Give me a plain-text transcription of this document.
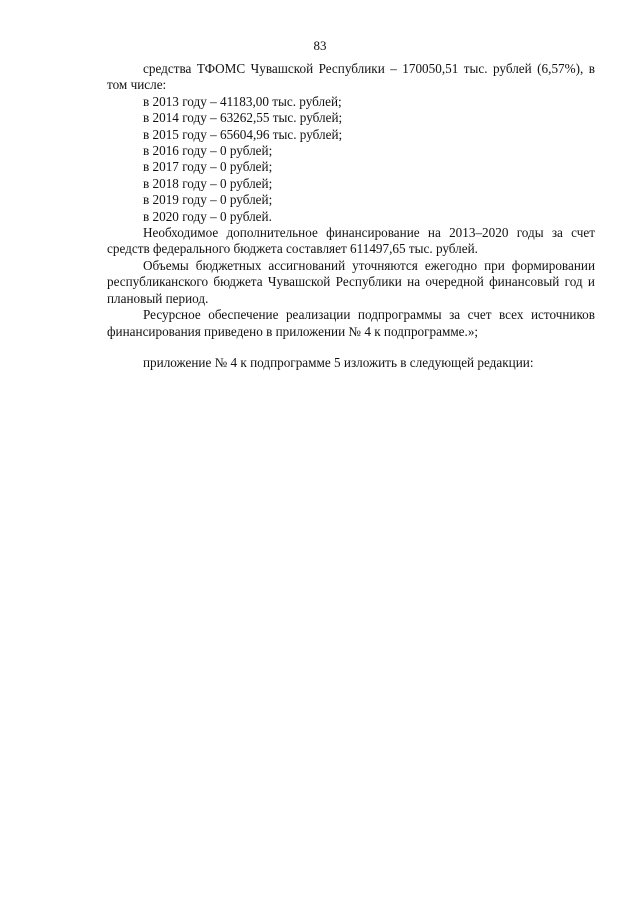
83

средства ТФОМС Чувашской Республики – 170050,51 тыс. рублей (6,57%), в том числе:

в 2013 году – 41183,00 тыс. рублей;

в 2014 году – 63262,55 тыс. рублей;

в 2015 году – 65604,96 тыс. рублей;

в 2016 году – 0 рублей;

в 2017 году – 0 рублей;

в 2018 году – 0 рублей;

в 2019 году – 0 рублей;

в 2020 году – 0 рублей.

Необходимое дополнительное финансирование на 2013–2020 годы за счет средств федерального бюджета составляет 611497,65 тыс. рублей.

Объемы бюджетных ассигнований уточняются ежегодно при формировании республиканского бюджета Чувашской Республики на очередной финансовый год и плановый период.

Ресурсное обеспечение реализации подпрограммы за счет всех источников финансирования приведено в приложении № 4 к подпрограмме.»;

приложение № 4 к подпрограмме 5 изложить в следующей редакции:
